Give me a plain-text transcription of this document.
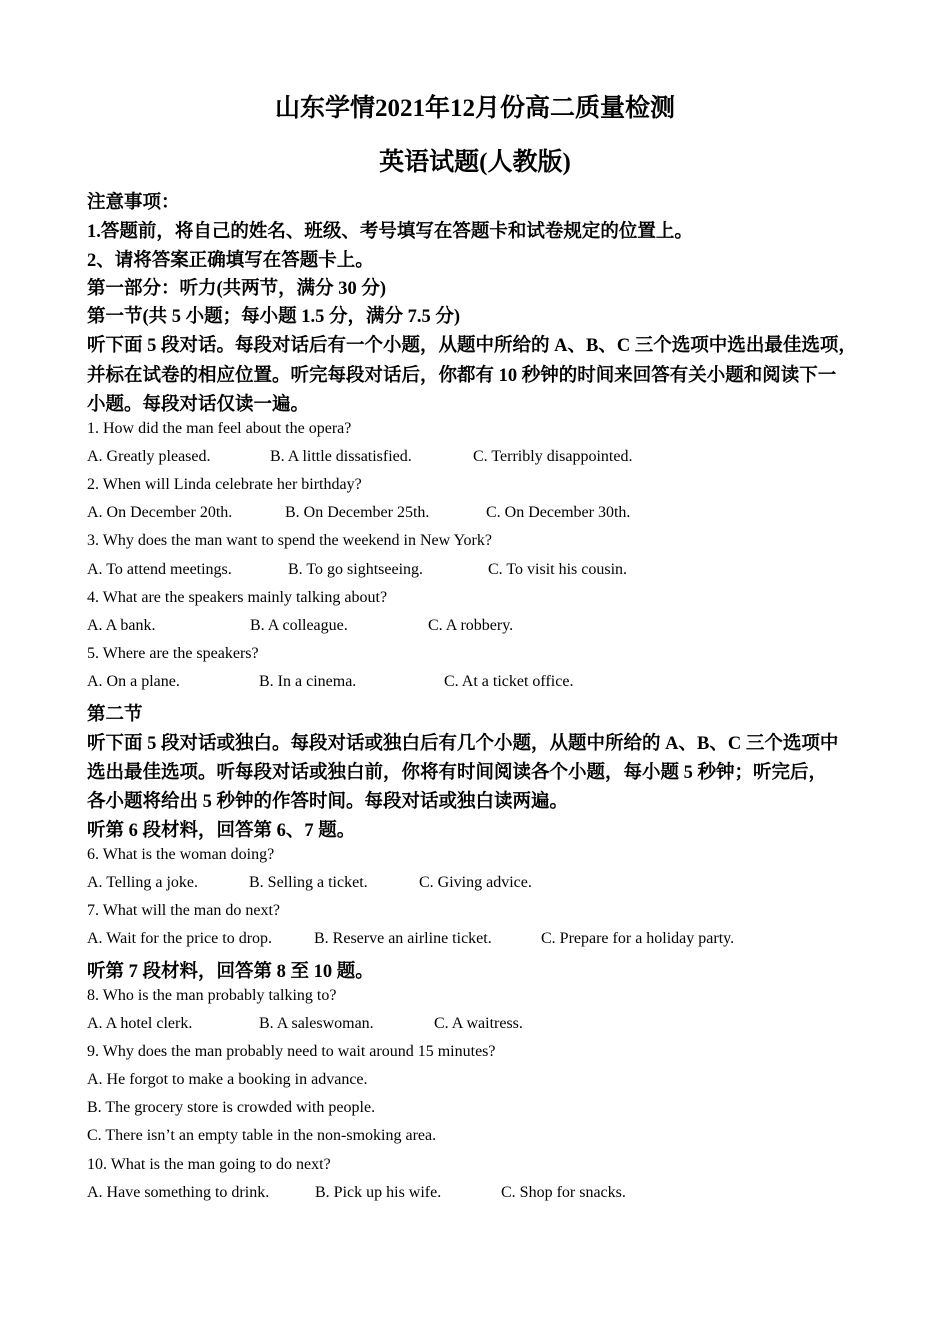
山东学情2021年12月份高二质量检测
英语试题(人教版)
注意事项：
1.答题前，将自己的姓名、班级、考号填写在答题卡和试卷规定的位置上。
2、请将答案正确填写在答题卡上。
第一部分：听力(共两节，满分 30 分)
第一节(共 5 小题；每小题 1.5 分，满分 7.5 分)
听下面 5 段对话。每段对话后有一个小题，从题中所给的 A、B、C 三个选项中选出最佳选项，
并标在试卷的相应位置。听完每段对话后，你都有 10 秒钟的时间来回答有关小题和阅读下一
小题。每段对话仅读一遍。
1. How did the man feel about the opera?
A. Greatly pleased.	B. A little dissatisfied.	C. Terribly disappointed.
2. When will Linda celebrate her birthday?
A. On December 20th.	B. On December 25th.	C. On December 30th.
3. Why does the man want to spend the weekend in New York?
A. To attend meetings.	B. To go sightseeing.	C. To visit his cousin.
4. What are the speakers mainly talking about?
A. A bank.	B. A colleague.	C. A robbery.
5. Where are the speakers?
A. On a plane.	B. In a cinema.	C. At a ticket office.
第二节
听下面 5 段对话或独白。每段对话或独白后有几个小题，从题中所给的 A、B、C 三个选项中
选出最佳选项。听每段对话或独白前，你将有时间阅读各个小题，每小题 5 秒钟；听完后，
各小题将给出 5 秒钟的作答时间。每段对话或独白读两遍。
听第 6 段材料，回答第 6、7 题。
6. What is the woman doing?
A. Telling a joke.	B. Selling a ticket.	C. Giving advice.
7. What will the man do next?
A. Wait for the price to drop.	B. Reserve an airline ticket.	C. Prepare for a holiday party.
听第 7 段材料，回答第 8 至 10 题。
8. Who is the man probably talking to?
A. A hotel clerk.	B. A saleswoman.	C. A waitress.
9. Why does the man probably need to wait around 15 minutes?
A. He forgot to make a booking in advance.
B. The grocery store is crowded with people.
C. There isn’t an empty table in the non-smoking area.
10. What is the man going to do next?
A. Have something to drink.	B. Pick up his wife.	C. Shop for snacks.
